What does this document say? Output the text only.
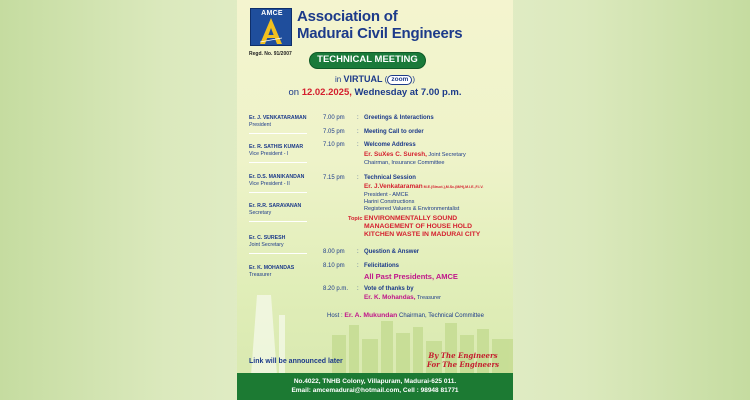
AMCE
Regd. No. 91/2007
Association of
Madurai Civil Engineers
TECHNICAL MEETING
in VIRTUAL ( zoom )
on 12.02.2025, Wednesday at 7.00 p.m.
Er. J. VENKATARAMAN
President
Er. R. SATHIS KUMAR
Vice President - I
Er. D.S. MANIKANDAN
Vice President - II
Er. R.R. SARAVANAN
Secretary
Er. C. SURESH
Joint Secretary
Er. K. MOHANDAS
Treasurer
7.00 pm	: Greetings & Interactions
7.05 pm	: Meeting Call to order
7.10 pm	: Welcome Address
Er. SuXes C. Suresh, Joint Secretary
Chairman, Insurance Committee
7.15 pm	: Technical Session
Er. J.Venkataraman M.E.(Struct.),M.Sc.(M/H),M.I.E.,F.I.V.
President - AMCE
Harini Constructions
Registered Valuers & Environmentalist
Topic :
ENVIRONMENTALLY SOUND
MANAGEMENT OF HOUSE HOLD
KITCHEN WASTE IN MADURAI CITY
8.00 pm	: Question & Answer
8.10 pm	: Felicitations
All Past Presidents, AMCE
8.20 p.m.	: Vote of thanks by
Er. K. Mohandas, Treasurer
Host : Er. A. Mukundan Chairman, Technical Committee
Link will be announced later
By The Engineers
For The Engineers
No.4022, TNHB Colony, Villapuram, Madurai-625 011.
Email: amcemadurai@hotmail.com, Cell : 98948 81771
